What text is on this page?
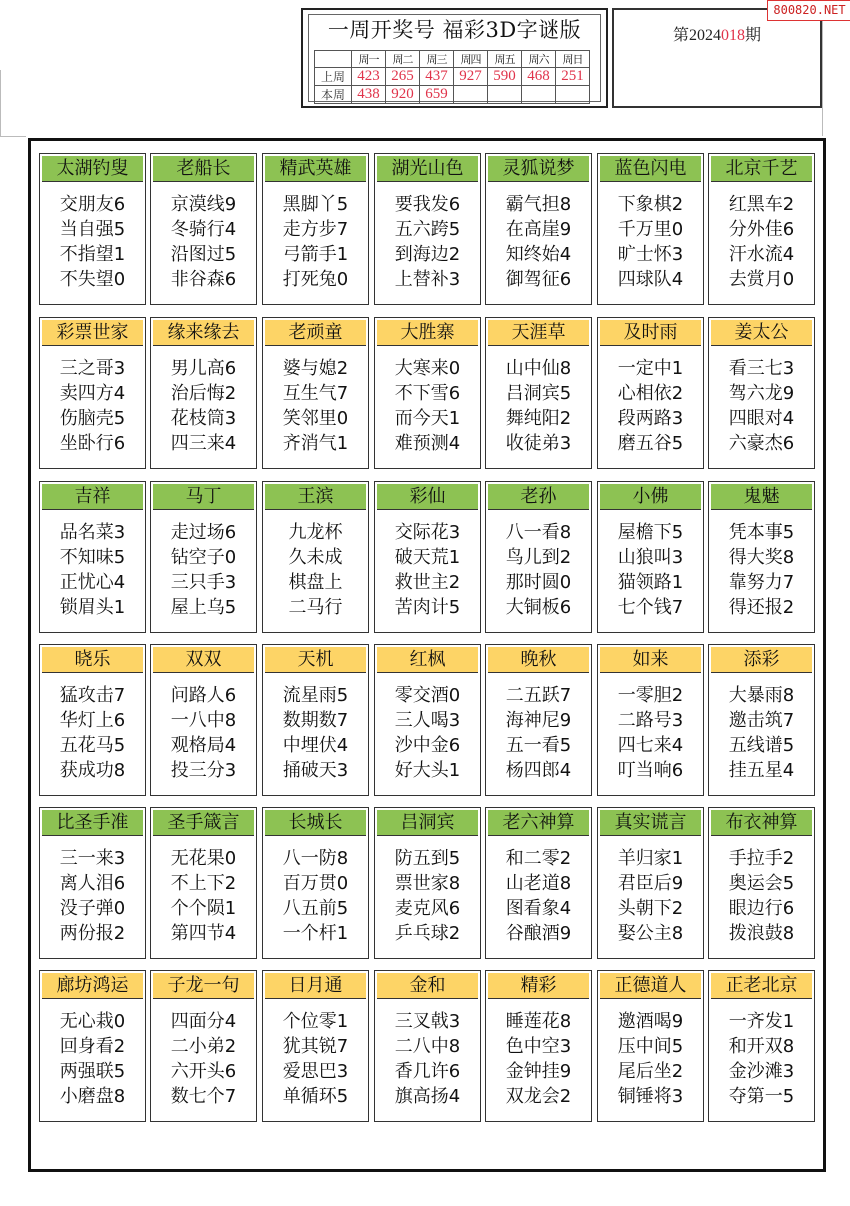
一周开奖号 福彩3D字谜版
	周一	周二	周三	周四	周五	周六	周日
上周	423	265	437	927	590	468	251
本周	438	920	659				
第2024018期
800820.NET
太湖钓叟
交朋友6
当自强5
不指望1
不失望0
老船长
京漠线9
冬骑行4
沿图过5
非谷森6
精武英雄
黑脚丫5
走方步7
弓箭手1
打死兔0
湖光山色
要我发6
五六跨5
到海边2
上替补3
灵狐说梦
霸气担8
在高崖9
知终始4
御驾征6
蓝色闪电
下象棋2
千万里0
旷士怀3
四球队4
北京千艺
红黑车2
分外佳6
汗水流4
去赏月0
彩票世家
三之哥3
卖四方4
伤脑壳5
坐卧行6
缘来缘去
男儿高6
治后悔2
花枝筒3
四三来4
老顽童
婆与媳2
互生气7
笑邻里0
齐消气1
大胜寨
大寒来0
不下雪6
而今天1
难预测4
天涯草
山中仙8
吕洞宾5
舞纯阳2
收徒弟3
及时雨
一定中1
心相依2
段两路3
磨五谷5
姜太公
看三七3
驾六龙9
四眼对4
六豪杰6
吉祥
品名菜3
不知味5
正忧心4
锁眉头1
马丁
走过场6
钻空子0
三只手3
屋上乌5
王滨
九龙杯
久未成
棋盘上
二马行
彩仙
交际花3
破天荒1
救世主2
苦肉计5
老孙
八一看8
鸟儿到2
那时圆0
大铜板6
小佛
屋檐下5
山狼叫3
猫领路1
七个钱7
鬼魅
凭本事5
得大奖8
靠努力7
得还报2
晓乐
猛攻击7
华灯上6
五花马5
获成功8
双双
问路人6
一八中8
观格局4
投三分3
天机
流星雨5
数期数7
中埋伏4
捅破天3
红枫
零交酒0
三人喝3
沙中金6
好大头1
晚秋
二五跃7
海神尼9
五一看5
杨四郎4
如来
一零胆2
二路号3
四七来4
叮当响6
添彩
大暴雨8
邀击筑7
五线谱5
挂五星4
比圣手准
三一来3
离人泪6
没子弹0
两份报2
圣手箴言
无花果0
不上下2
个个陨1
第四节4
长城长
八一防8
百万贯0
八五前5
一个杆1
吕洞宾
防五到5
票世家8
麦克风6
乒乓球2
老六神算
和二零2
山老道8
图看象4
谷酿酒9
真实谎言
羊归家1
君臣后9
头朝下2
娶公主8
布衣神算
手拉手2
奥运会5
眼边行6
拨浪鼓8
廊坊鸿运
无心栽0
回身看2
两强联5
小磨盘8
子龙一句
四面分4
二小弟2
六开头6
数七个7
日月通
个位零1
犹其锐7
爱思巴3
单循环5
金和
三叉戟3
二八中8
香几许6
旗高扬4
精彩
睡莲花8
色中空3
金钟挂9
双龙会2
正德道人
邀酒喝9
压中间5
尾后坐2
铜锤将3
正老北京
一齐发1
和开双8
金沙滩3
夺第一5
